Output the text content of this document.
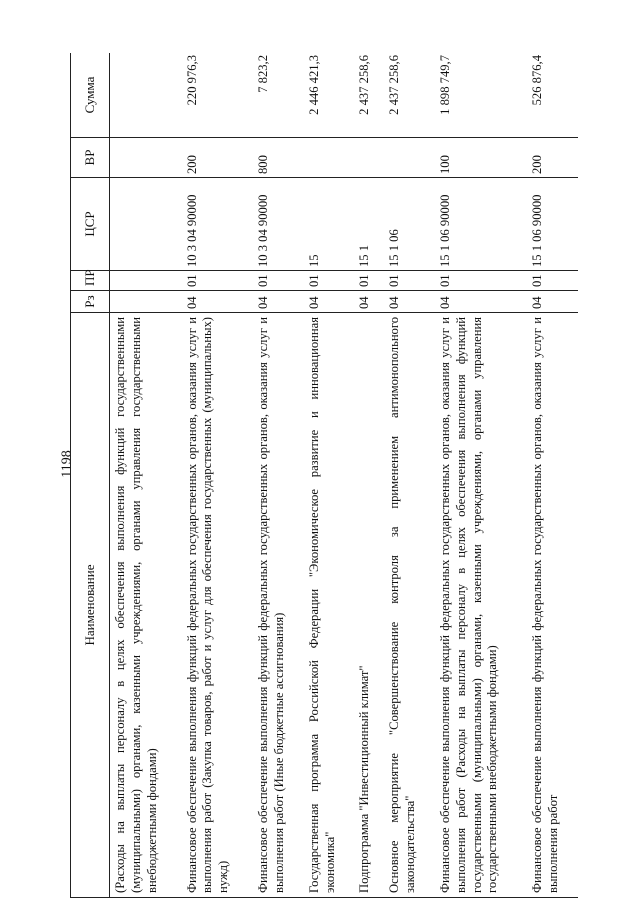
1198
Наименование	Рз	ПР	ЦСР	ВР	Сумма
(Расходы на выплаты персоналу в целях обеспечения выполнения функций государственными (муниципальными) органами, казенными учреждениями, органами управления государственными внебюджетными фондами)					
Финансовое обеспечение выполнения функций федеральных государственных органов, оказания услуг и выполнения работ (Закупка товаров, работ и услуг для обеспечения государственных (муниципальных) нужд)	04	01	10 3 04 90000	200	220 976,3
Финансовое обеспечение выполнения функций федеральных государственных органов, оказания услуг и выполнения работ (Иные бюджетные ассигнования)	04	01	10 3 04 90000	800	7 823,2
Государственная программа Российской Федерации "Экономическое развитие и инновационная экономика"	04	01	15		2 446 421,3
Подпрограмма "Инвестиционный климат"	04	01	15 1		2 437 258,6
Основное мероприятие "Совершенствование контроля за применением антимонопольного законодательства"	04	01	15 1 06		2 437 258,6
Финансовое обеспечение выполнения функций федеральных государственных органов, оказания услуг и выполнения работ (Расходы на выплаты персоналу в целях обеспечения выполнения функций государственными (муниципальными) органами, казенными учреждениями, органами управления государственными внебюджетными фондами)	04	01	15 1 06 90000	100	1 898 749,7
Финансовое обеспечение выполнения функций федеральных государственных органов, оказания услуг и выполнения работ	04	01	15 1 06 90000	200	526 876,4
